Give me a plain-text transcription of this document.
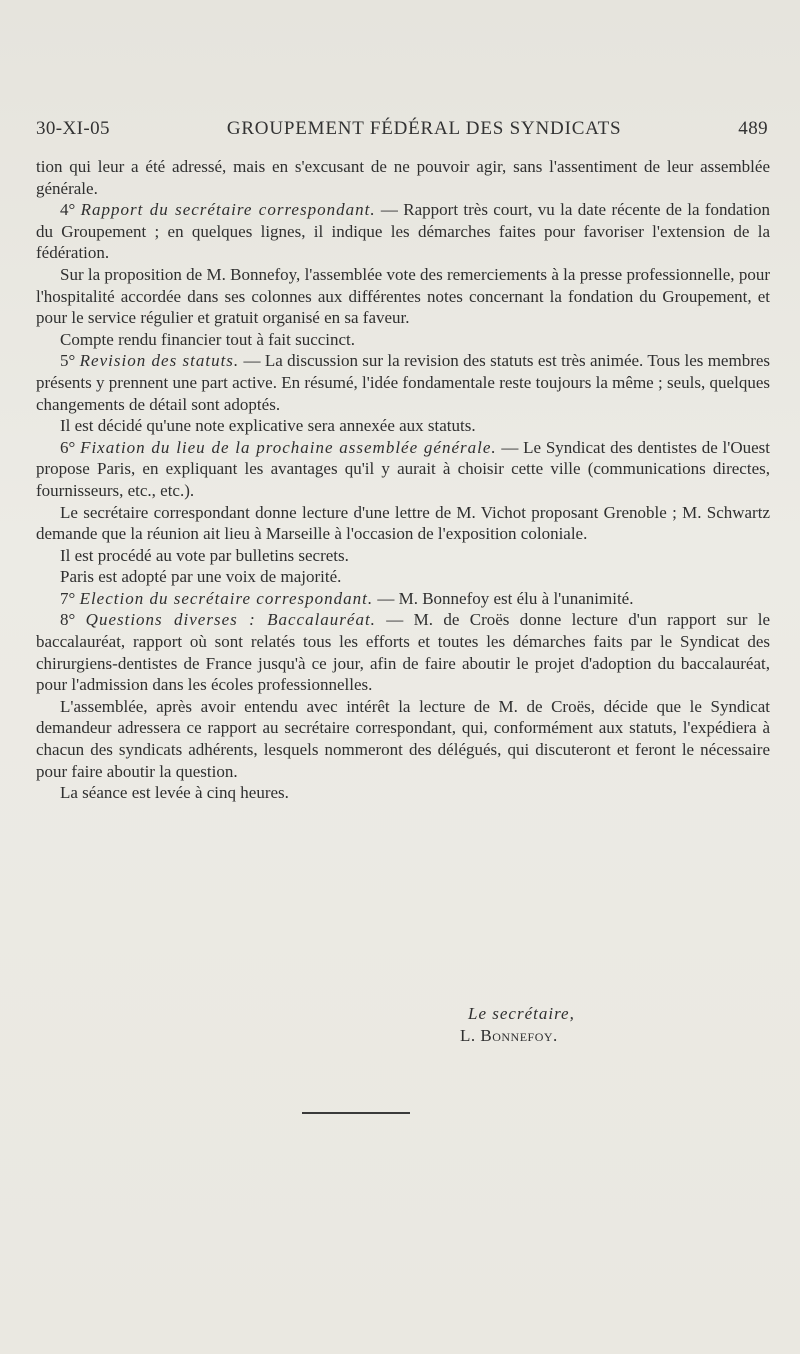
30-XI-05	GROUPEMENT FÉDÉRAL DES SYNDICATS	489

tion qui leur a été adressé, mais en s'excusant de ne pouvoir agir, sans l'assentiment de leur assemblée générale.

4° Rapport du secrétaire correspondant. — Rapport très court, vu la date récente de la fondation du Groupement ; en quelques lignes, il indique les démarches faites pour favoriser l'extension de la fédération.

Sur la proposition de M. Bonnefoy, l'assemblée vote des remerciements à la presse professionnelle, pour l'hospitalité accordée dans ses colonnes aux différentes notes concernant la fondation du Groupement, et pour le service régulier et gratuit organisé en sa faveur.

Compte rendu financier tout à fait succinct.

5° Revision des statuts. — La discussion sur la revision des statuts est très animée. Tous les membres présents y prennent une part active. En résumé, l'idée fondamentale reste toujours la même ; seuls, quelques changements de détail sont adoptés.

Il est décidé qu'une note explicative sera annexée aux statuts.

6° Fixation du lieu de la prochaine assemblée générale. — Le Syndicat des dentistes de l'Ouest propose Paris, en expliquant les avantages qu'il y aurait à choisir cette ville (communications directes, fournisseurs, etc., etc.).

Le secrétaire correspondant donne lecture d'une lettre de M. Vichot proposant Grenoble ; M. Schwartz demande que la réunion ait lieu à Marseille à l'occasion de l'exposition coloniale.

Il est procédé au vote par bulletins secrets.

Paris est adopté par une voix de majorité.

7° Election du secrétaire correspondant. — M. Bonnefoy est élu à l'unanimité.

8° Questions diverses : Baccalauréat. — M. de Croës donne lecture d'un rapport sur le baccalauréat, rapport où sont relatés tous les efforts et toutes les démarches faits par le Syndicat des chirurgiens-dentistes de France jusqu'à ce jour, afin de faire aboutir le projet d'adoption du baccalauréat, pour l'admission dans les écoles professionnelles.

L'assemblée, après avoir entendu avec intérêt la lecture de M. de Croës, décide que le Syndicat demandeur adressera ce rapport au secrétaire correspondant, qui, conformément aux statuts, l'expédiera à chacun des syndicats adhérents, lesquels nommeront des délégués, qui discuteront et feront le nécessaire pour faire aboutir la question.

La séance est levée à cinq heures.

Le secrétaire,
L. Bonnefoy.
